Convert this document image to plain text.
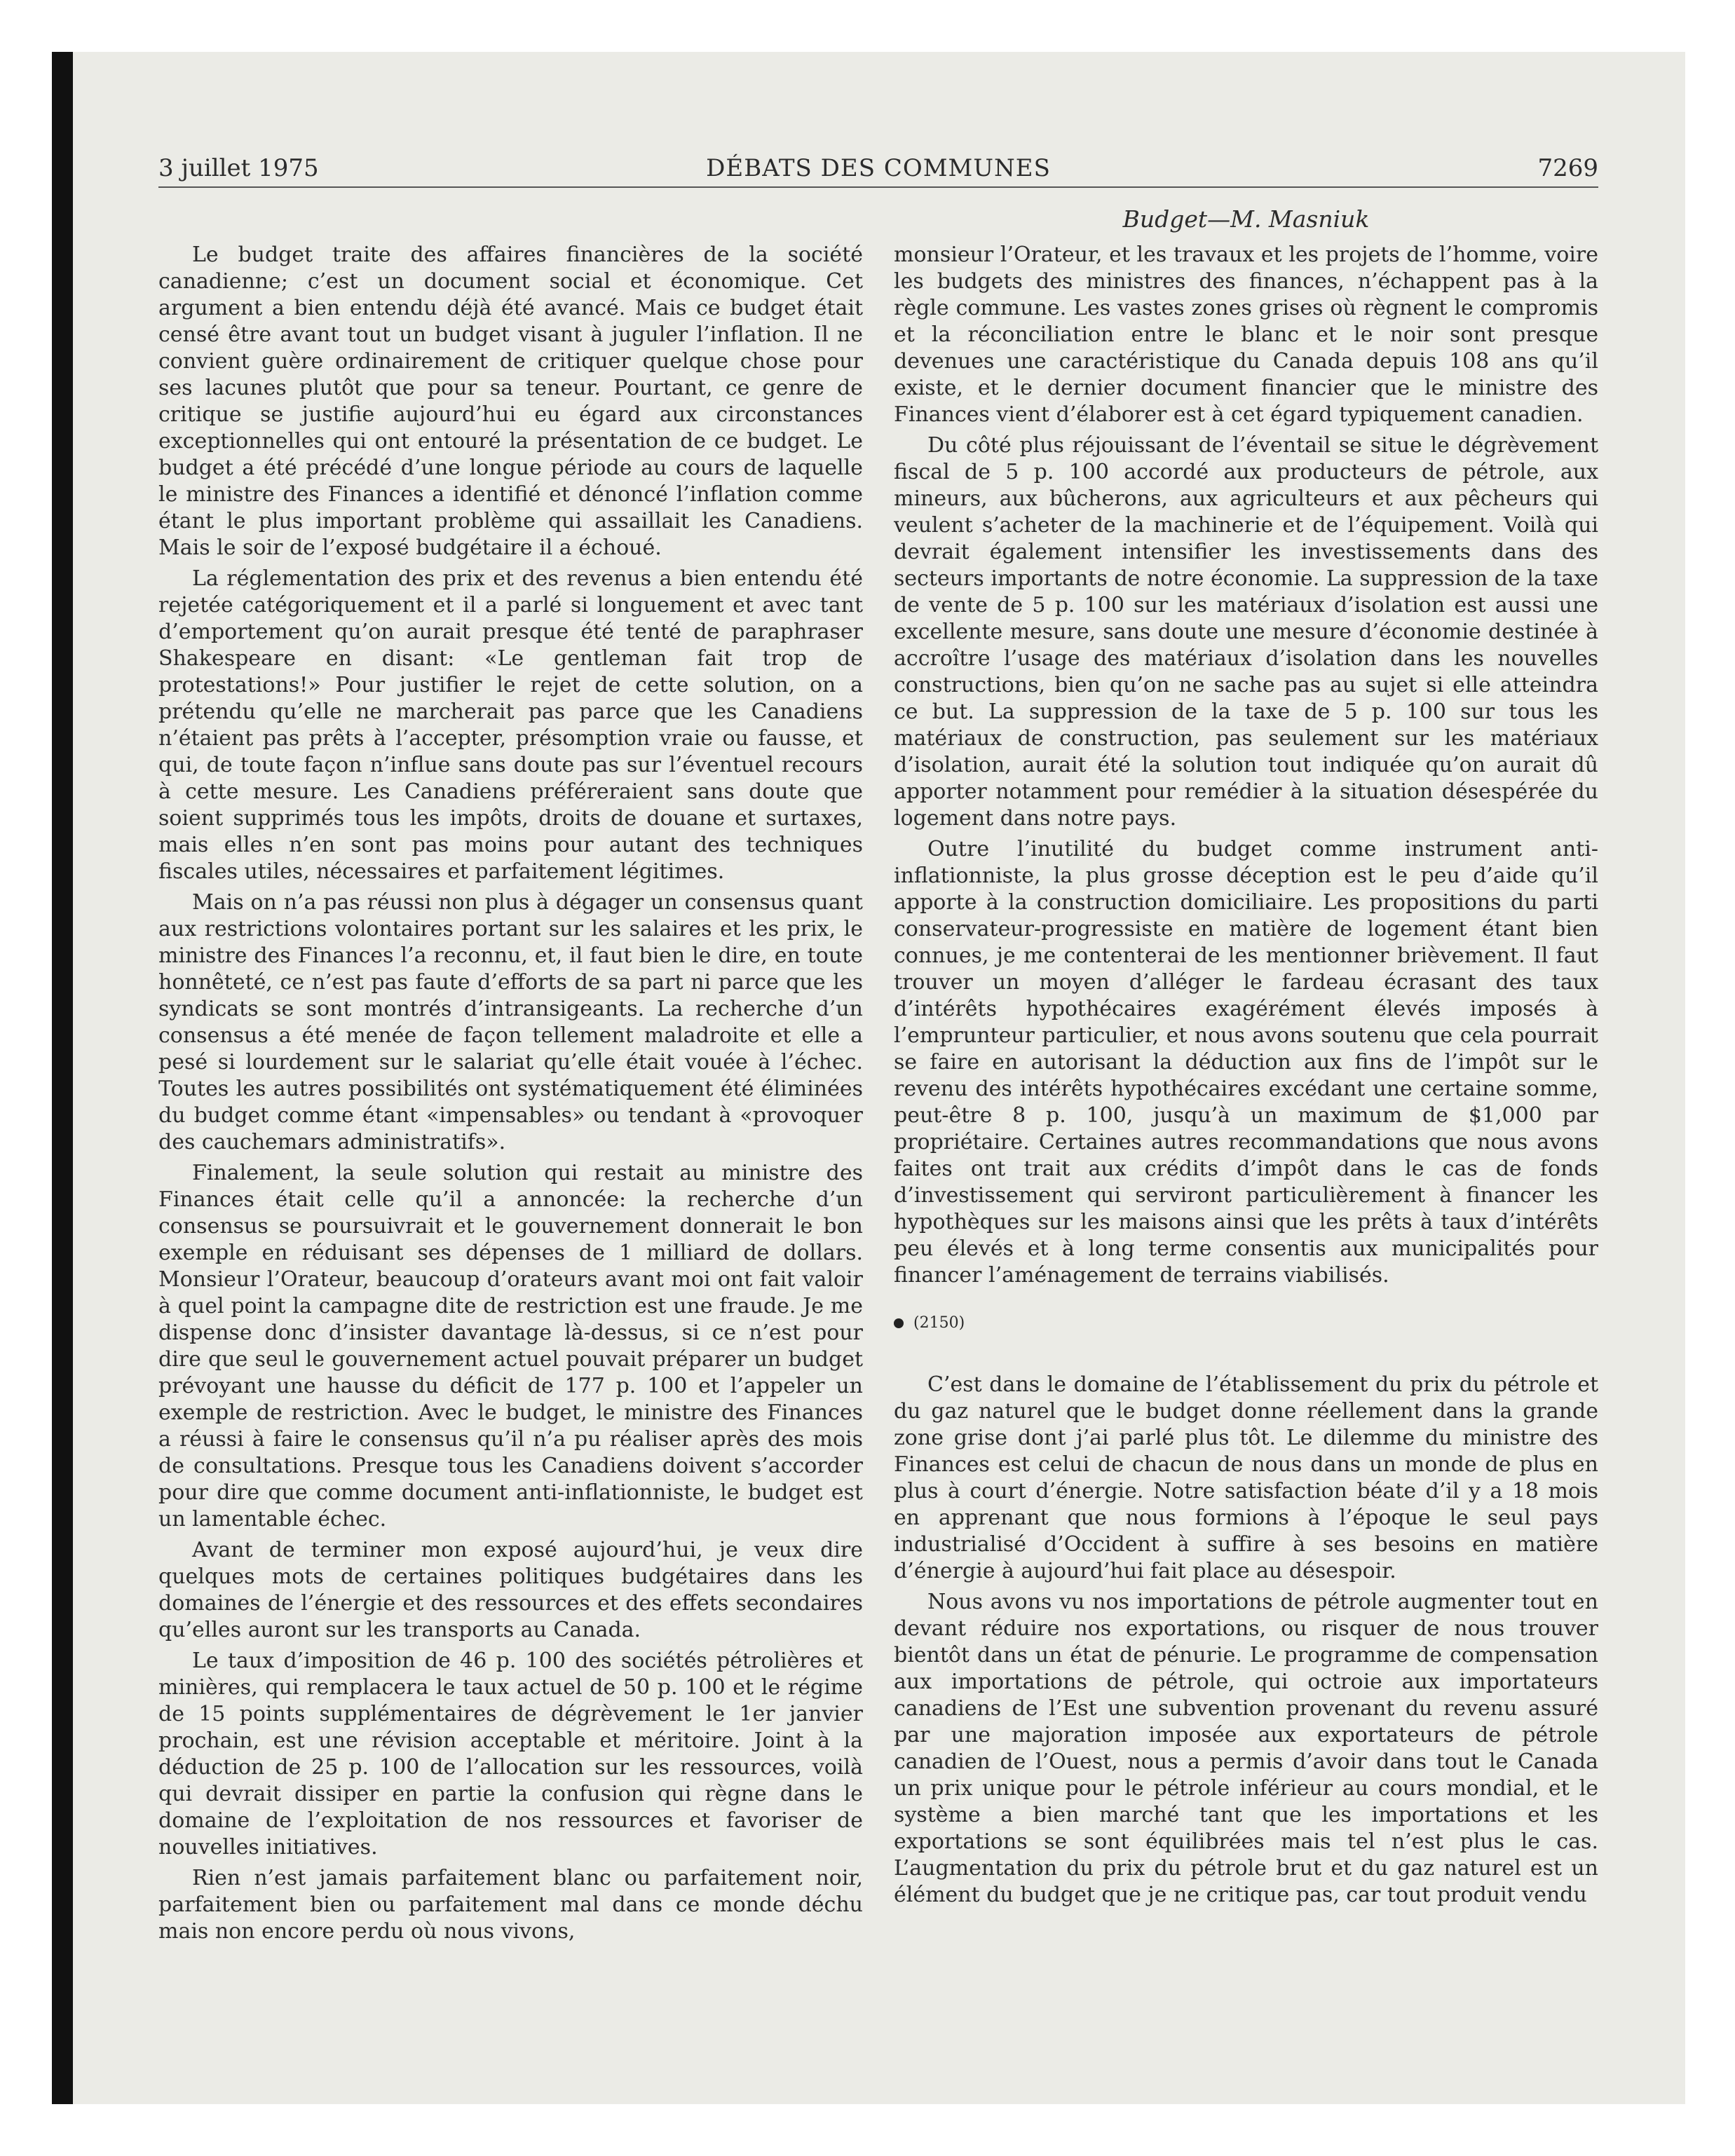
3 juillet 1975	DÉBATS DES COMMUNES	7269
Budget—M. Masniuk

Le budget traite des affaires financières de la société canadienne; c’est un document social et économique. Cet argument a bien entendu déjà été avancé. Mais ce budget était censé être avant tout un budget visant à juguler l’inflation. Il ne convient guère ordinairement de critiquer quelque chose pour ses lacunes plutôt que pour sa teneur. Pourtant, ce genre de critique se justifie aujourd’hui eu égard aux circonstances exceptionnelles qui ont entouré la présentation de ce budget. Le budget a été précédé d’une longue période au cours de laquelle le ministre des Finances a identifié et dénoncé l’inflation comme étant le plus important problème qui assaillait les Canadiens. Mais le soir de l’exposé budgétaire il a échoué.

La réglementation des prix et des revenus a bien entendu été rejetée catégoriquement et il a parlé si longuement et avec tant d’emportement qu’on aurait presque été tenté de paraphraser Shakespeare en disant: «Le gentleman fait trop de protestations!» Pour justifier le rejet de cette solution, on a prétendu qu’elle ne marcherait pas parce que les Canadiens n’étaient pas prêts à l’accepter, présomption vraie ou fausse, et qui, de toute façon n’influe sans doute pas sur l’éventuel recours à cette mesure. Les Canadiens préféreraient sans doute que soient supprimés tous les impôts, droits de douane et surtaxes, mais elles n’en sont pas moins pour autant des techniques fiscales utiles, nécessaires et parfaitement légitimes.

Mais on n’a pas réussi non plus à dégager un consensus quant aux restrictions volontaires portant sur les salaires et les prix, le ministre des Finances l’a reconnu, et, il faut bien le dire, en toute honnêteté, ce n’est pas faute d’efforts de sa part ni parce que les syndicats se sont montrés d’intransigeants. La recherche d’un consensus a été menée de façon tellement maladroite et elle a pesé si lourdement sur le salariat qu’elle était vouée à l’échec. Toutes les autres possibilités ont systématiquement été éliminées du budget comme étant «impensables» ou tendant à «provoquer des cauchemars administratifs».

Finalement, la seule solution qui restait au ministre des Finances était celle qu’il a annoncée: la recherche d’un consensus se poursuivrait et le gouvernement donnerait le bon exemple en réduisant ses dépenses de 1 milliard de dollars. Monsieur l’Orateur, beaucoup d’orateurs avant moi ont fait valoir à quel point la campagne dite de restriction est une fraude. Je me dispense donc d’insister davantage là-dessus, si ce n’est pour dire que seul le gouvernement actuel pouvait préparer un budget prévoyant une hausse du déficit de 177 p. 100 et l’appeler un exemple de restriction. Avec le budget, le ministre des Finances a réussi à faire le consensus qu’il n’a pu réaliser après des mois de consultations. Presque tous les Canadiens doivent s’accorder pour dire que comme document anti-inflationniste, le budget est un lamentable échec.

Avant de terminer mon exposé aujourd’hui, je veux dire quelques mots de certaines politiques budgétaires dans les domaines de l’énergie et des ressources et des effets secondaires qu’elles auront sur les transports au Canada.

Le taux d’imposition de 46 p. 100 des sociétés pétrolières et minières, qui remplacera le taux actuel de 50 p. 100 et le régime de 15 points supplémentaires de dégrèvement le 1er janvier prochain, est une révision acceptable et méritoire. Joint à la déduction de 25 p. 100 de l’allocation sur les ressources, voilà qui devrait dissiper en partie la confusion qui règne dans le domaine de l’exploitation de nos ressources et favoriser de nouvelles initiatives.

Rien n’est jamais parfaitement blanc ou parfaitement noir, parfaitement bien ou parfaitement mal dans ce monde déchu mais non encore perdu où nous vivons,

monsieur l’Orateur, et les travaux et les projets de l’homme, voire les budgets des ministres des finances, n’échappent pas à la règle commune. Les vastes zones grises où règnent le compromis et la réconciliation entre le blanc et le noir sont presque devenues une caractéristique du Canada depuis 108 ans qu’il existe, et le dernier document financier que le ministre des Finances vient d’élaborer est à cet égard typiquement canadien.

Du côté plus réjouissant de l’éventail se situe le dégrèvement fiscal de 5 p. 100 accordé aux producteurs de pétrole, aux mineurs, aux bûcherons, aux agriculteurs et aux pêcheurs qui veulent s’acheter de la machinerie et de l’équipement. Voilà qui devrait également intensifier les investissements dans des secteurs importants de notre économie. La suppression de la taxe de vente de 5 p. 100 sur les matériaux d’isolation est aussi une excellente mesure, sans doute une mesure d’économie destinée à accroître l’usage des matériaux d’isolation dans les nouvelles constructions, bien qu’on ne sache pas au sujet si elle atteindra ce but. La suppression de la taxe de 5 p. 100 sur tous les matériaux de construction, pas seulement sur les matériaux d’isolation, aurait été la solution tout indiquée qu’on aurait dû apporter notamment pour remédier à la situation désespérée du logement dans notre pays.

Outre l’inutilité du budget comme instrument anti-inflationniste, la plus grosse déception est le peu d’aide qu’il apporte à la construction domiciliaire. Les propositions du parti conservateur-progressiste en matière de logement étant bien connues, je me contenterai de les mentionner brièvement. Il faut trouver un moyen d’alléger le fardeau écrasant des taux d’intérêts hypothécaires exagérément élevés imposés à l’emprunteur particulier, et nous avons soutenu que cela pourrait se faire en autorisant la déduction aux fins de l’impôt sur le revenu des intérêts hypothécaires excédant une certaine somme, peut-être 8 p. 100, jusqu’à un maximum de $1,000 par propriétaire. Certaines autres recommandations que nous avons faites ont trait aux crédits d’impôt dans le cas de fonds d’investissement qui serviront particulièrement à financer les hypothèques sur les maisons ainsi que les prêts à taux d’intérêts peu élevés et à long terme consentis aux municipalités pour financer l’aménagement de terrains viabilisés.

(2150)

C’est dans le domaine de l’établissement du prix du pétrole et du gaz naturel que le budget donne réellement dans la grande zone grise dont j’ai parlé plus tôt. Le dilemme du ministre des Finances est celui de chacun de nous dans un monde de plus en plus à court d’énergie. Notre satisfaction béate d’il y a 18 mois en apprenant que nous formions à l’époque le seul pays industrialisé d’Occident à suffire à ses besoins en matière d’énergie à aujourd’hui fait place au désespoir.

Nous avons vu nos importations de pétrole augmenter tout en devant réduire nos exportations, ou risquer de nous trouver bientôt dans un état de pénurie. Le programme de compensation aux importations de pétrole, qui octroie aux importateurs canadiens de l’Est une subvention provenant du revenu assuré par une majoration imposée aux exportateurs de pétrole canadien de l’Ouest, nous a permis d’avoir dans tout le Canada un prix unique pour le pétrole inférieur au cours mondial, et le système a bien marché tant que les importations et les exportations se sont équilibrées mais tel n’est plus le cas. L’augmentation du prix du pétrole brut et du gaz naturel est un élément du budget que je ne critique pas, car tout produit vendu
